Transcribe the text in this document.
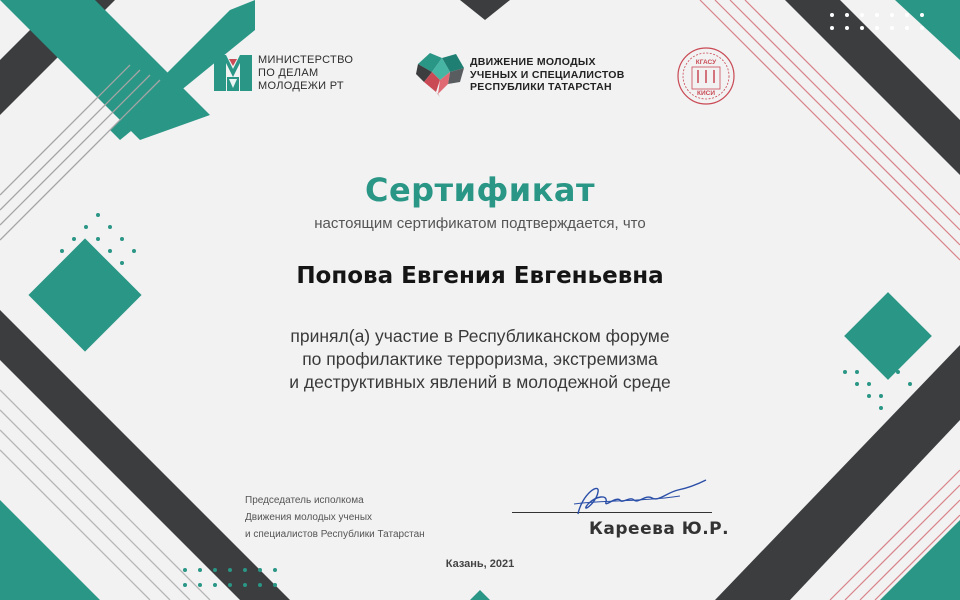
МИНИСТЕРСТВО
ПО ДЕЛАМ
МОЛОДЕЖИ РТ
ДВИЖЕНИЕ МОЛОДЫХ
УЧЕНЫХ И СПЕЦИАЛИСТОВ
РЕСПУБЛИКИ ТАТАРСТАН
КГАСУ
КИСИ
Сертификат
настоящим сертификатом подтверждается, что
Попова Евгения Евгеньевна
принял(а) участие в Республиканском форуме
по профилактике терроризма, экстремизма
и деструктивных явлений в молодежной среде
Председатель исполкома
Движения молодых ученых
и специалистов Республики Татарстан	Кареева Ю.Р.
Казань, 2021
